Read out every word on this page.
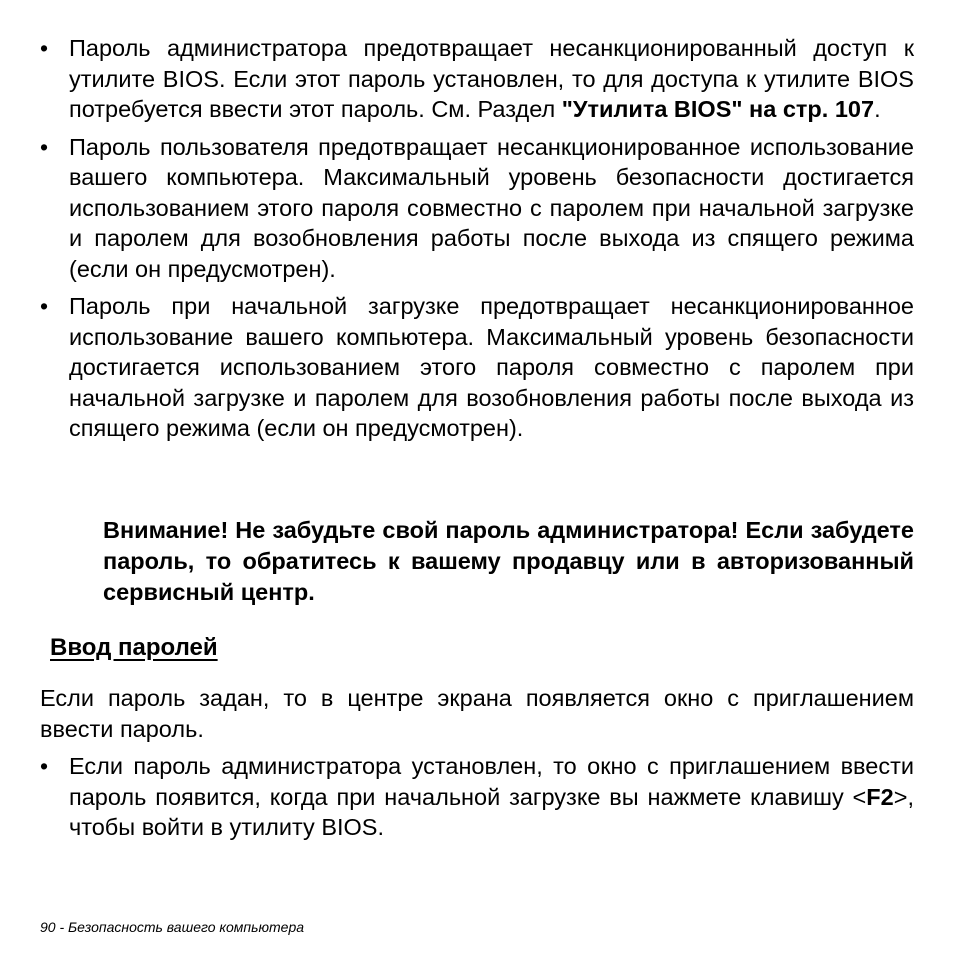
• Пароль администратора предотвращает несанкционированный доступ к утилите BIOS. Если этот пароль установлен, то для доступа к утилите BIOS потребуется ввести этот пароль. См. Раздел "Утилита BIOS" на стр. 107.
• Пароль пользователя предотвращает несанкционированное использование вашего компьютера. Максимальный уровень безопасности достигается использованием этого пароля совместно с паролем при начальной загрузке и паролем для возобновления работы после выхода из спящего режима (если он предусмотрен).
• Пароль при начальной загрузке предотвращает несанкционированное использование вашего компьютера. Максимальный уровень безопасности достигается использованием этого пароля совместно с паролем при начальной загрузке и паролем для возобновления работы после выхода из спящего режима (если он предусмотрен).
Внимание! Не забудьте свой пароль администратора! Если забудете пароль, то обратитесь к вашему продавцу или в авторизованный сервисный центр.
Ввод паролей

Если пароль задан, то в центре экрана появляется окно с приглашением ввести пароль.

• Если пароль администратора установлен, то окно с приглашением ввести пароль появится, когда при начальной загрузке вы нажмете клавишу <F2>, чтобы войти в утилиту BIOS.
90 - Безопасность вашего компьютера
